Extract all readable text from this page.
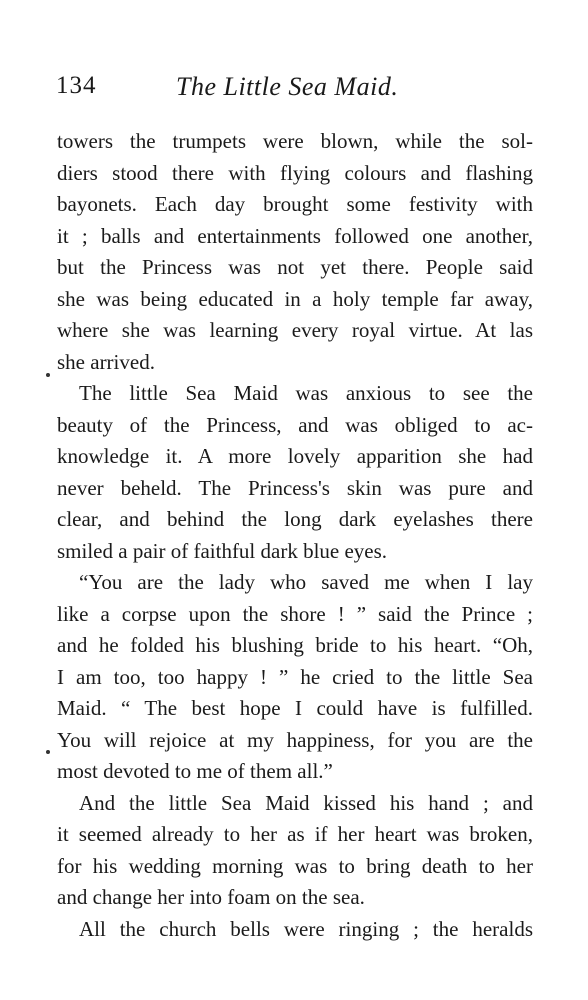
134	The Little Sea Maid.
towers the trumpets were blown, while the sol-
diers stood there with flying colours and flashing
bayonets. Each day brought some festivity with
it ; balls and entertainments followed one another,
but the Princess was not yet there. People said
she was being educated in a holy temple far away,
where she was learning every royal virtue. At las
she arrived.
The little Sea Maid was anxious to see the
beauty of the Princess, and was obliged to ac-
knowledge it. A more lovely apparition she had
never beheld. The Princess's skin was pure and
clear, and behind the long dark eyelashes there
smiled a pair of faithful dark blue eyes.
“You are the lady who saved me when I lay
like a corpse upon the shore ! ” said the Prince ;
and he folded his blushing bride to his heart. “Oh,
I am too, too happy ! ” he cried to the little Sea
Maid. “ The best hope I could have is fulfilled.
You will rejoice at my happiness, for you are the
most devoted to me of them all.”
And the little Sea Maid kissed his hand ; and
it seemed already to her as if her heart was broken,
for his wedding morning was to bring death to her
and change her into foam on the sea.
All the church bells were ringing ; the heralds
